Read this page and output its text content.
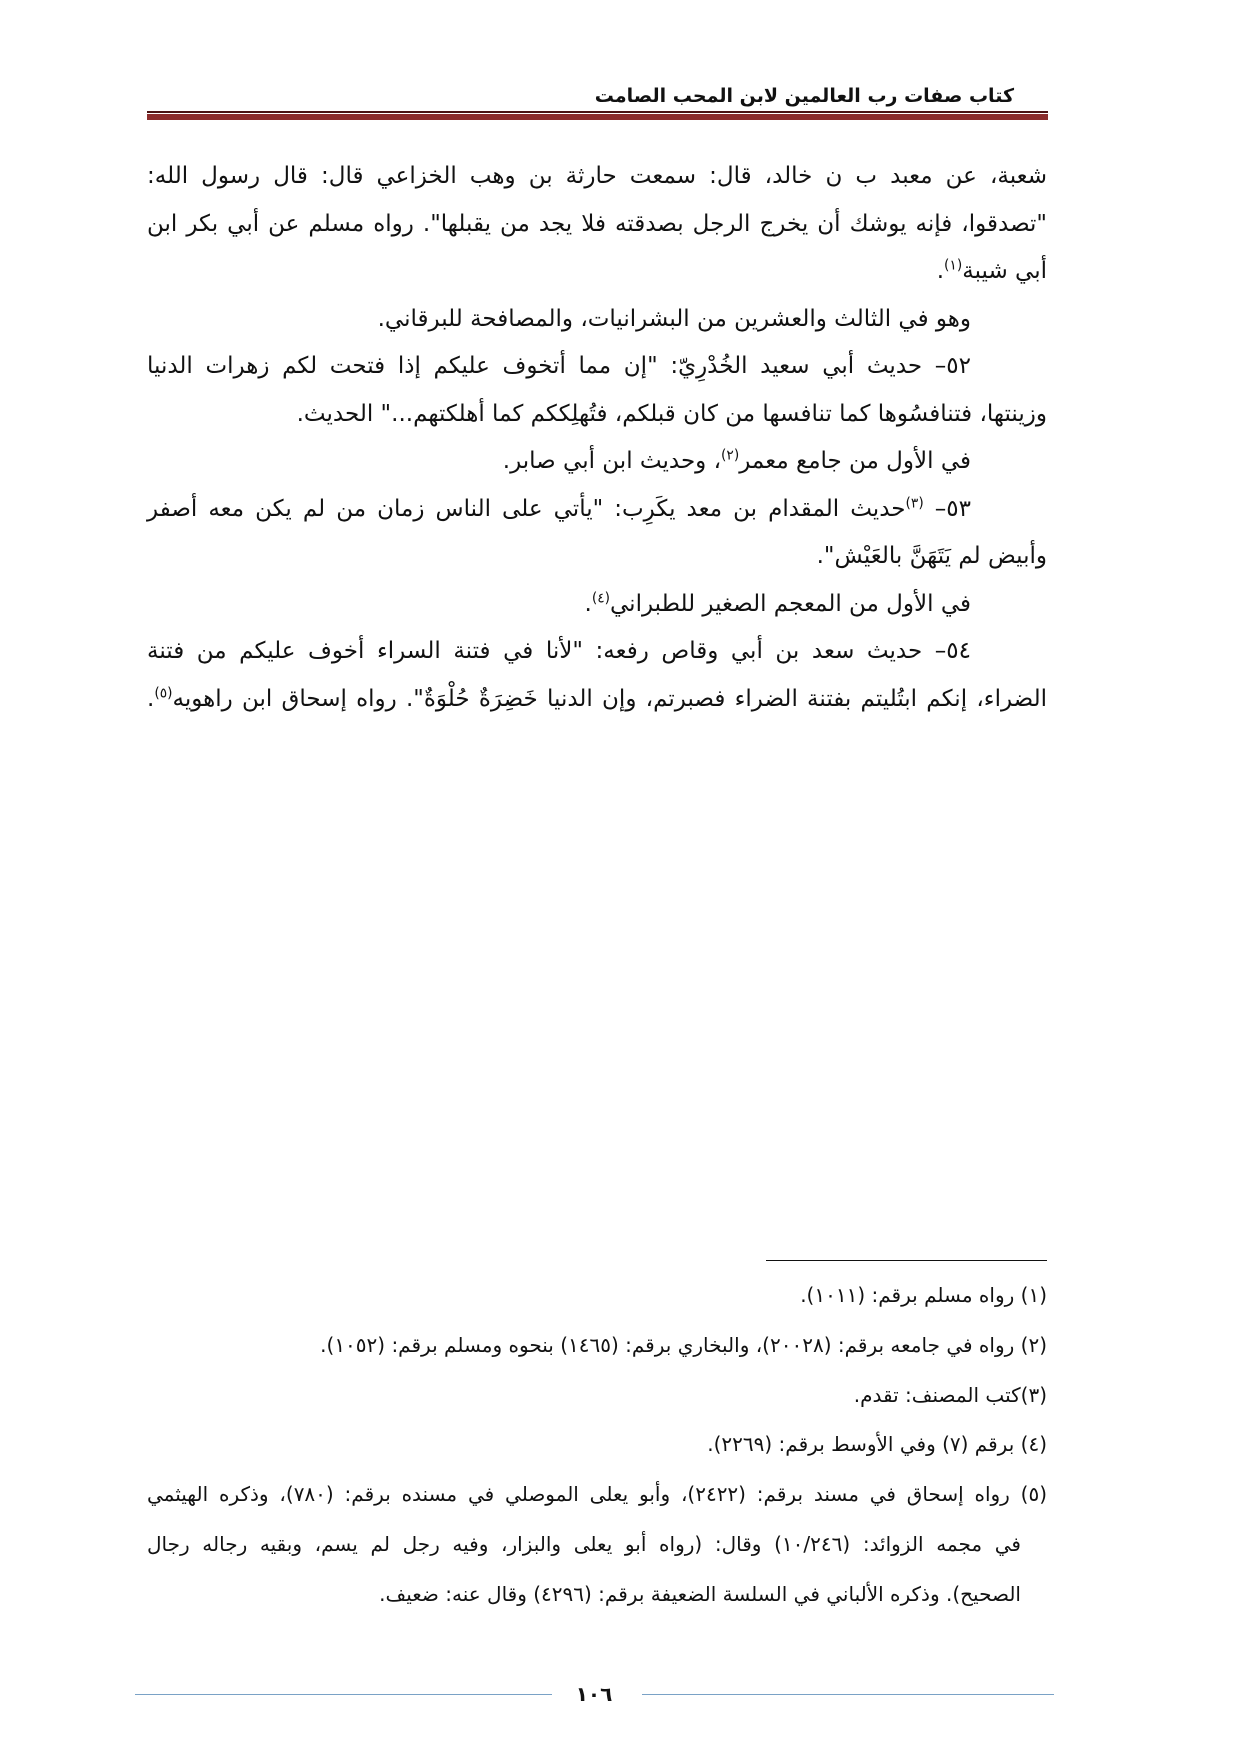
كتاب صفات رب العالمين لابن المحب الصامت
شعبة، عن معبد ب ن خالد، قال: سمعت حارثة بن وهب الخزاعي قال: قال رسول الله:
"تصدقوا، فإنه يوشك أن يخرج الرجل بصدقته فلا يجد من يقبلها". رواه مسلم عن أبي بكر ابن
أبي شيبة$^{(١)}$.
وهو في الثالث والعشرين من البشرانيات، والمصافحة للبرقاني.
٥٢– حديث أبي سعيد الخُدْرِيّ: "إن مما أتخوف عليكم إذا فتحت لكم زهرات الدنيا
وزينتها، فتنافسُوها كما تنافسها من كان قبلكم، فتُهلِككم كما أهلكتهم..." الحديث.
في الأول من جامع معمر$^{(٢)}$، وحديث ابن أبي صابر.
٥٣– $^{(٣)}$حديث المقدام بن معد يكَرِب: "يأتي على الناس زمان من لم يكن معه أصفر
وأبيض لم يَتَهَنَّ بالعَيْش".
في الأول من المعجم الصغير للطبراني$^{(٤)}$.
٥٤– حديث سعد بن أبي وقاص رفعه: "لأنا في فتنة السراء أخوف عليكم من فتنة
الضراء، إنكم ابتُليتم بفتنة الضراء فصبرتم، وإن الدنيا خَضِرَةٌ حُلْوَةٌ". رواه إسحاق ابن راهويه$^{(٥)}$.
(١) رواه مسلم برقم: (١٠١١).
(٢) رواه في جامعه برقم: (٢٠٠٢٨)، والبخاري برقم: (١٤٦٥) بنحوه ومسلم برقم: (١٠٥٢).
(٣)كتب المصنف: تقدم.
(٤) برقم (٧) وفي الأوسط برقم: (٢٢٦٩).
(٥) رواه إسحاق في مسند برقم: (٢٤٢٢)، وأبو يعلى الموصلي في مسنده برقم: (٧٨٠)، وذكره الهيثمي
في مجمه الزوائد: (١٠/٢٤٦) وقال: (رواه أبو يعلى والبزار، وفيه رجل لم يسم، وبقيه رجاله رجال
الصحيح). وذكره الألباني في السلسة الضعيفة برقم: (٤٢٩٦) وقال عنه: ضعيف.
١٠٦
